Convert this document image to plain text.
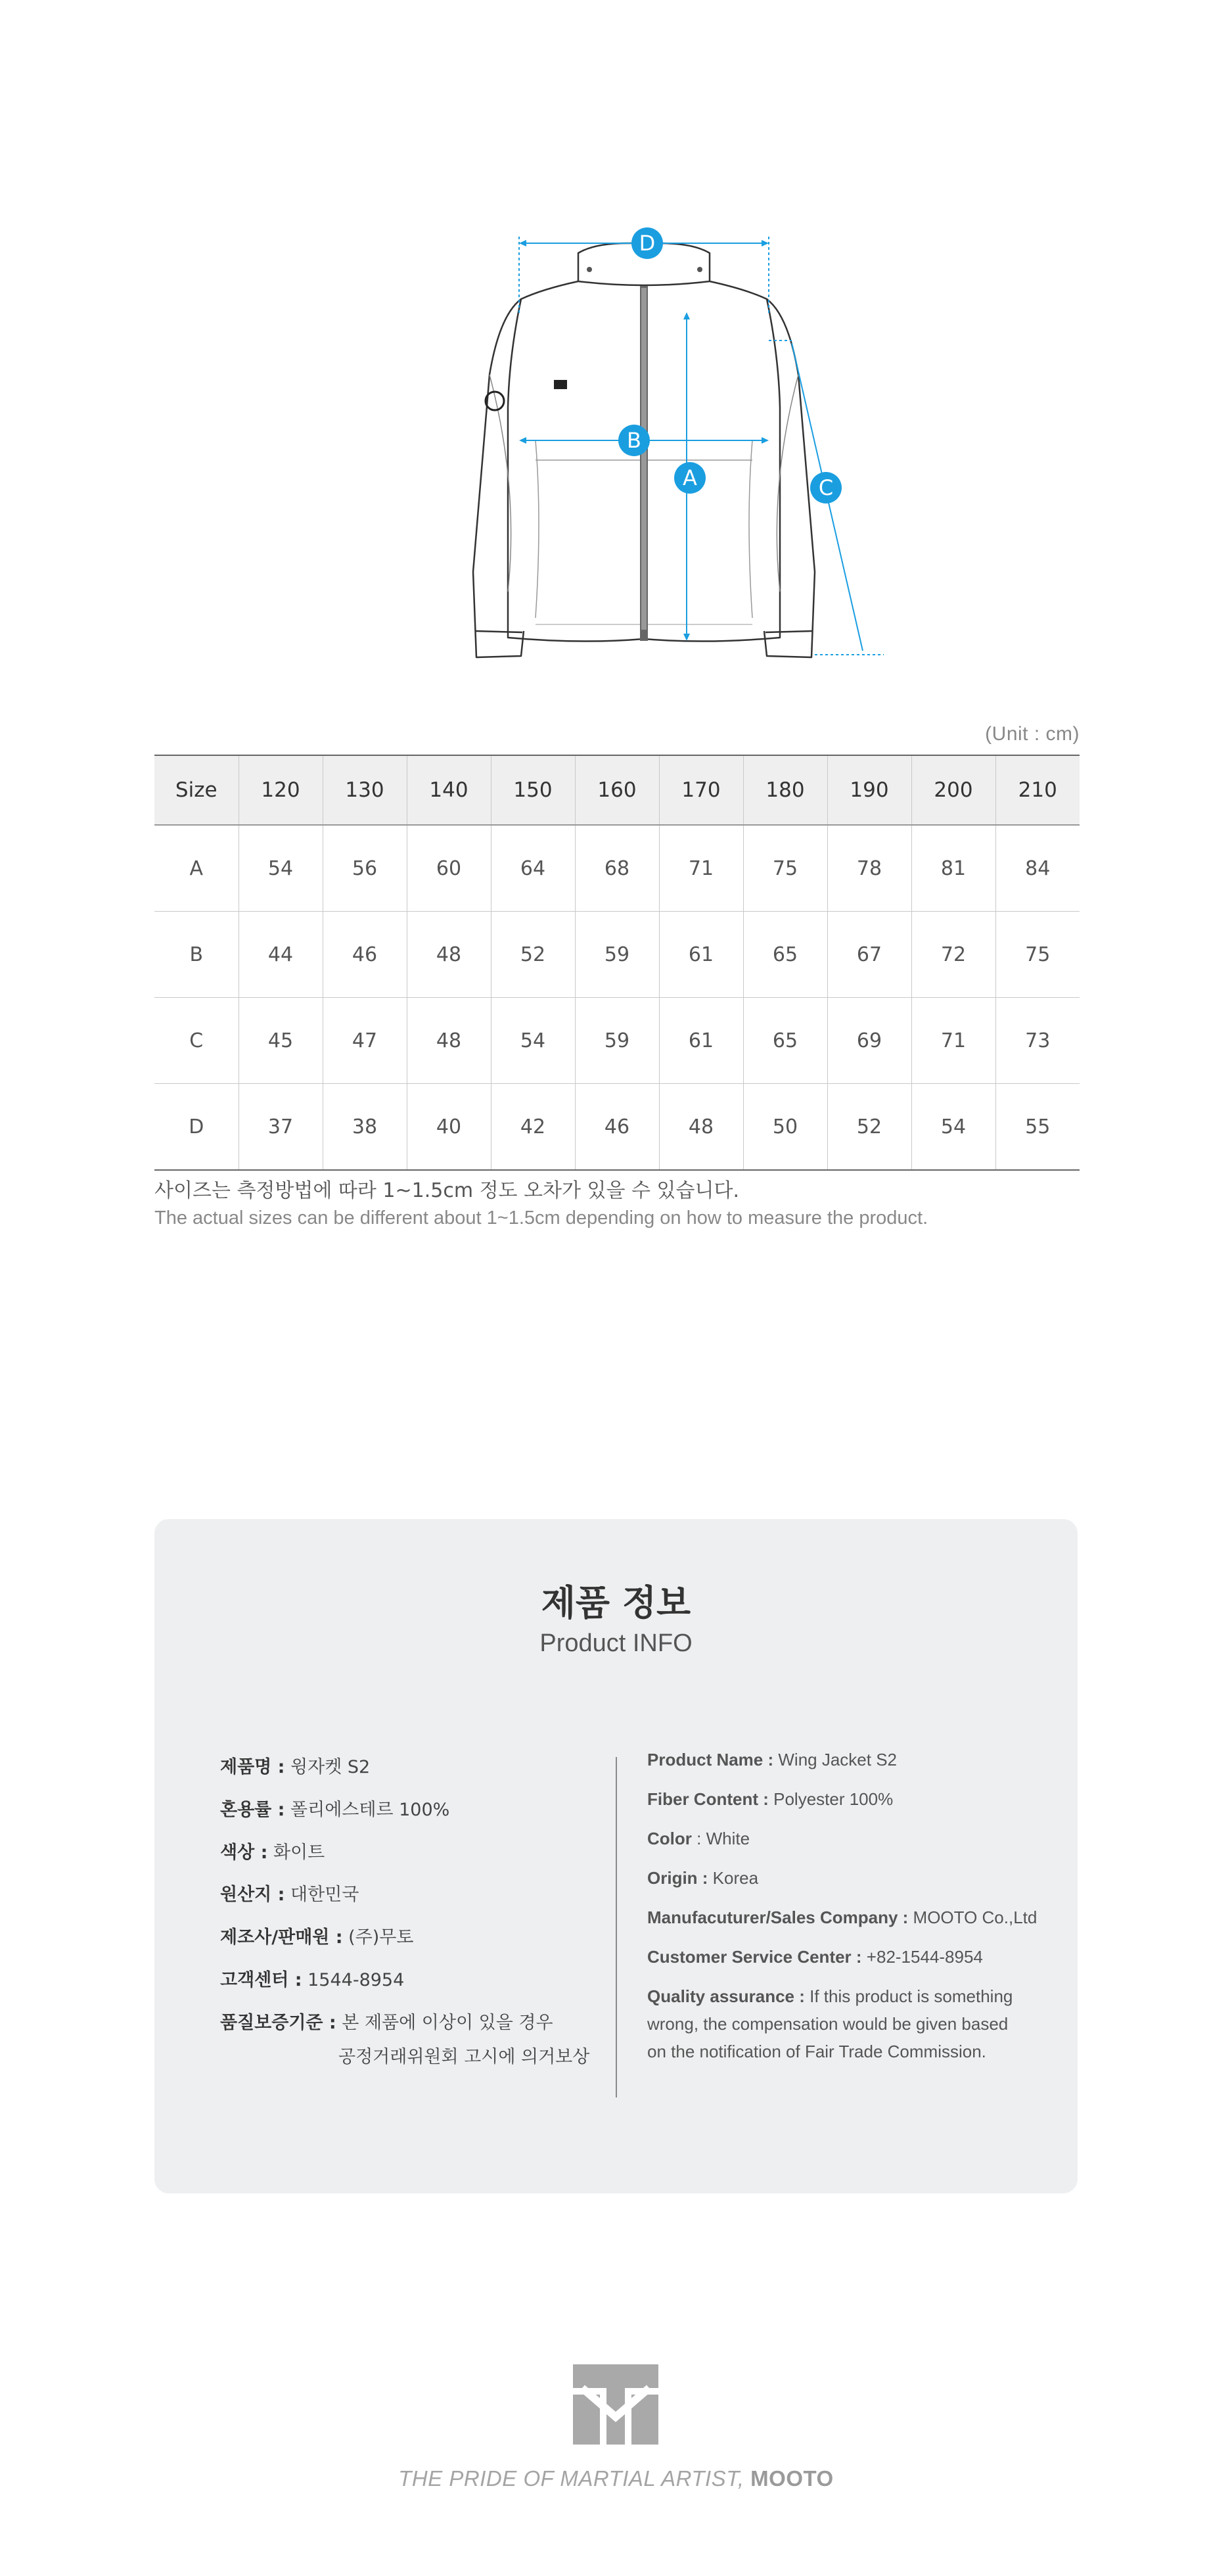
D
B
A	C
(Unit : cm)
Size	120	130	140	150	160	170	180	190	200	210
A	54	56	60	64	68	71	75	78	81	84
B	44	46	48	52	59	61	65	67	72	75
C	45	47	48	54	59	61	65	69	71	73
D	37	38	40	42	46	48	50	52	54	55
사이즈는 측정방법에 따라 1~1.5cm 정도 오차가 있을 수 있습니다.
The actual sizes can be different about 1~1.5cm depending on how to measure the product.
제품 정보
Product INFO
제품명 : 윙자켓 S2
혼용률 : 폴리에스테르 100%
색상 : 화이트
원산지 : 대한민국
제조사/판매원 : (주)무토
고객센터 : 1544-8954
품질보증기준 : 본 제품에 이상이 있을 경우
공정거래위원회 고시에 의거보상
Product Name : Wing Jacket S2
Fiber Content : Polyester 100%
Color : White
Origin : Korea
Manufacuturer/Sales Company : MOOTO Co.,Ltd
Customer Service Center : +82-1544-8954
Quality assurance : If this product is something
wrong, the compensation would be given based
on the notification of Fair Trade Commission.
THE PRIDE OF MARTIAL ARTIST, MOOTO
